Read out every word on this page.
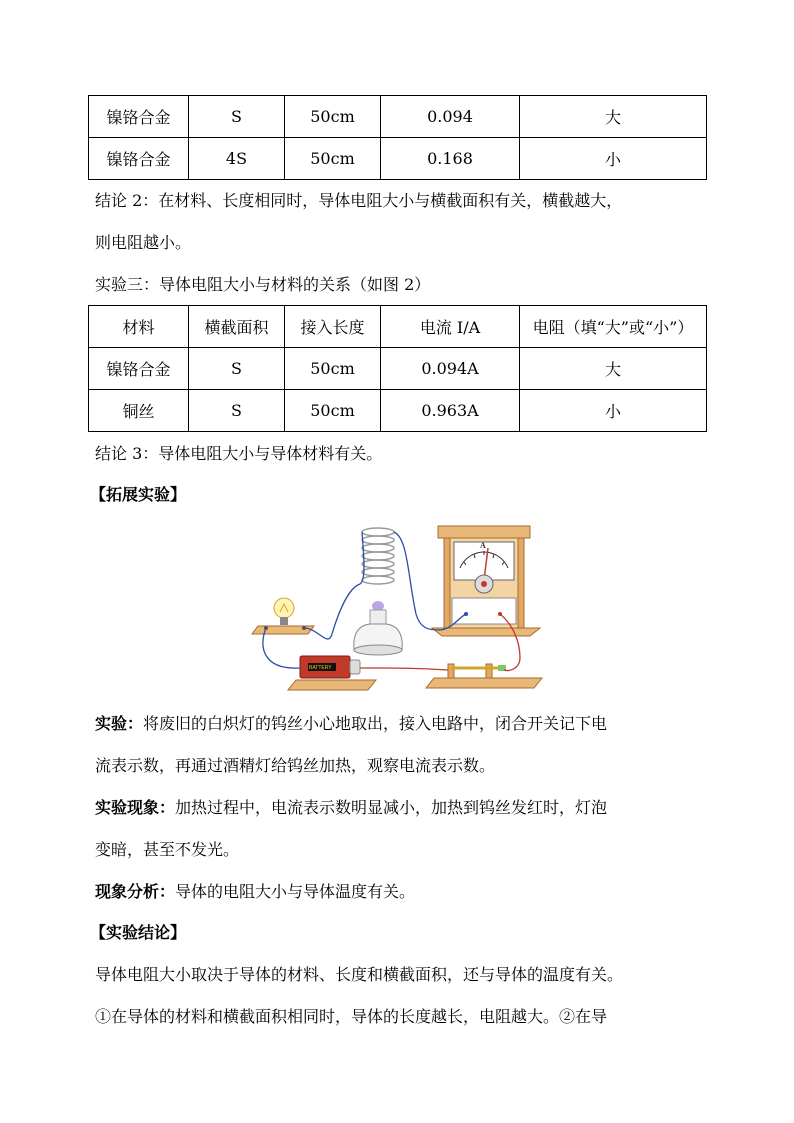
镍铬合金	S	50cm	0.094	大
镍铬合金	4S	50cm	0.168	小
结论 2：在材料、长度相同时，导体电阻大小与横截面积有关，横截越大，
则电阻越小。
实验三：导体电阻大小与材料的关系（如图 2）
材料	横截面积	接入长度	电流 I/A	电阻（填“大”或“小”）
镍铬合金	S	50cm	0.094A	大
铜丝	S	50cm	0.963A	小
结论 3：导体电阻大小与导体材料有关。
【拓展实验】
A
BATTERY
实验：将废旧的白炽灯的钨丝小心地取出，接入电路中，闭合开关记下电
流表示数，再通过酒精灯给钨丝加热，观察电流表示数。
实验现象：加热过程中，电流表示数明显减小，加热到钨丝发红时，灯泡
变暗，甚至不发光。
现象分析：导体的电阻大小与导体温度有关。
【实验结论】
导体电阻大小取决于导体的材料、长度和横截面积，还与导体的温度有关。
①在导体的材料和横截面积相同时，导体的长度越长，电阻越大。②在导
